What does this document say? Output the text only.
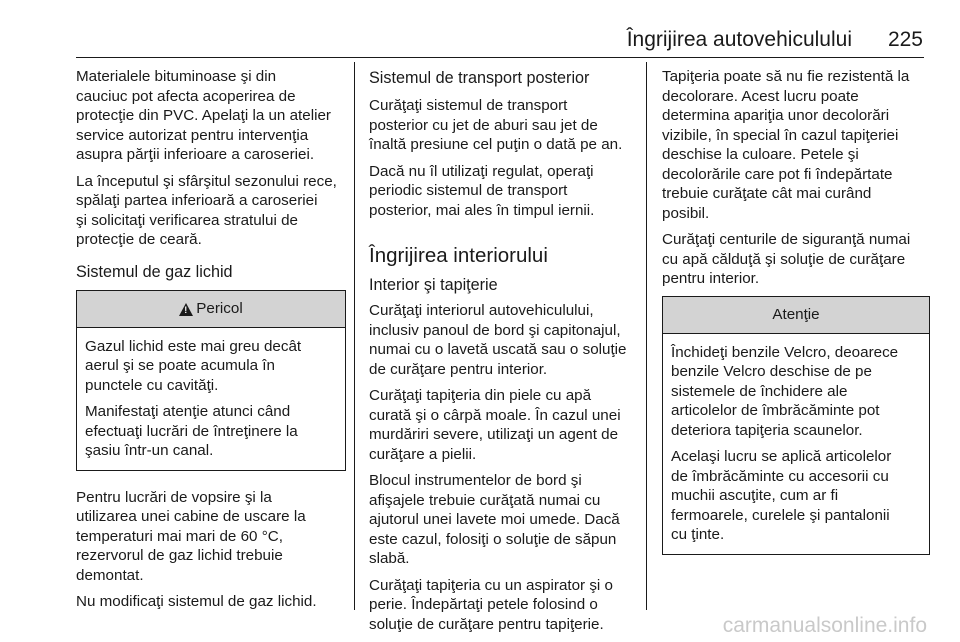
Îngrijirea autovehiculului 225

Materialele bituminoase şi din
cauciuc pot afecta acoperirea de
protecţie din PVC. Apelaţi la un atelier
service autorizat pentru intervenţia
asupra părţii inferioare a caroseriei.

La începutul şi sfârşitul sezonului rece,
spălaţi partea inferioară a caroseriei
şi solicitaţi verificarea stratului de
protecţie de ceară.

Sistemul de gaz lichid
!
Pericol

Gazul lichid este mai greu decât
aerul şi se poate acumula în
punctele cu cavităţi.

Manifestaţi atenţie atunci când
efectuaţi lucrări de întreţinere la
şasiu într-un canal.

Pentru lucrări de vopsire şi la
utilizarea unei cabine de uscare la
temperaturi mai mari de 60 °C,
rezervorul de gaz lichid trebuie
demontat.

Nu modificaţi sistemul de gaz lichid.

Sistemul de transport posterior

Curăţaţi sistemul de transport
posterior cu jet de aburi sau jet de
înaltă presiune cel puţin o dată pe an.

Dacă nu îl utilizaţi regulat, operaţi
periodic sistemul de transport
posterior, mai ales în timpul iernii.

Îngrijirea interiorului
Interior şi tapiţerie

Curăţaţi interiorul autovehiculului,
inclusiv panoul de bord şi capitonajul,
numai cu o lavetă uscată sau o soluţie
de curăţare pentru interior.

Curăţaţi tapiţeria din piele cu apă
curată şi o cârpă moale. În cazul unei
murdăriri severe, utilizaţi un agent de
curăţare a pielii.

Blocul instrumentelor de bord şi
afişajele trebuie curăţată numai cu
ajutorul unei lavete moi umede. Dacă
este cazul, folosiţi o soluţie de săpun
slabă.

Curăţaţi tapiţeria cu un aspirator şi o
perie. Îndepărtaţi petele folosind o
soluţie de curăţare pentru tapiţerie.

Tapiţeria poate să nu fie rezistentă la
decolorare. Acest lucru poate
determina apariţia unor decolorări
vizibile, în special în cazul tapiţeriei
deschise la culoare. Petele şi
decolorările care pot fi îndepărtate
trebuie curăţate cât mai curând
posibil.

Curăţaţi centurile de siguranţă numai
cu apă călduţă şi soluţie de curăţare
pentru interior.

Atenţie

Închideţi benzile Velcro, deoarece
benzile Velcro deschise de pe
sistemele de închidere ale
articolelor de îmbrăcăminte pot
deteriora tapiţeria scaunelor.

Acelaşi lucru se aplică articolelor
de îmbrăcăminte cu accesorii cu
muchii ascuţite, cum ar fi
fermoarele, curelele şi pantalonii
cu ţinte.

carmanualsonline.info
